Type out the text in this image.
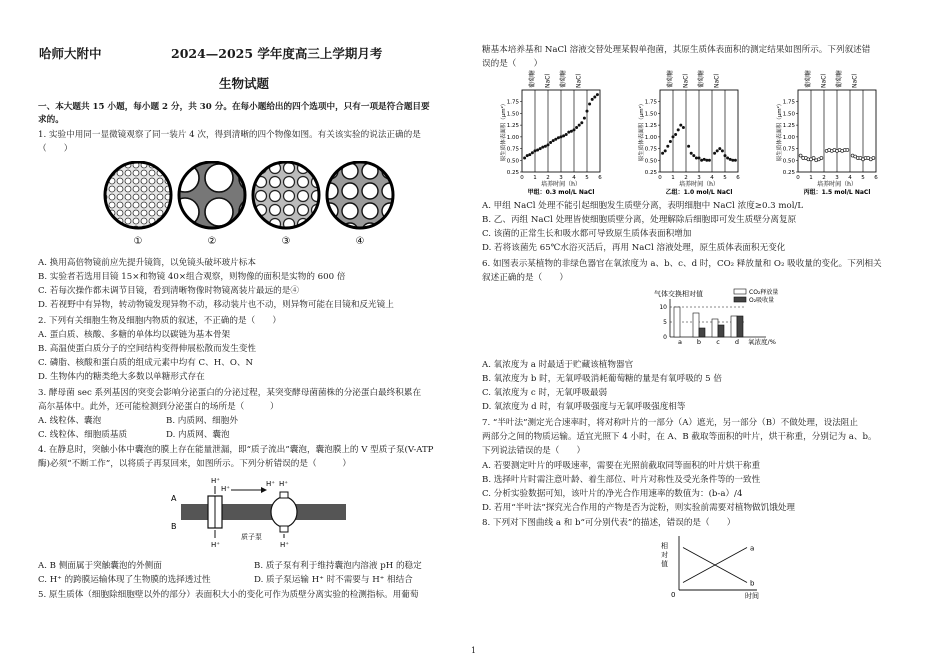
哈师大附中	2024—2025 学年度高三上学期月考
生物试题
一、本大题共 15 小题，每小题 2 分，共 30 分。在每小题给出的四个选项中，只有一项是符合题目要
求的。
1. 实验中用同一显微镜观察了同一装片 4 次，得到清晰的四个物像如图。有关该实验的说法正确的是
（　　）
①	②	③	④
A. 换用高倍物镜前应先提升镜筒，以免镜头破坏玻片标本
B. 实验者若选用目镜 15×和物镜 40×组合观察，则物像的面积是实物的 600 倍
C. 若每次操作都未调节目镜，看到清晰物像时物镜离装片最远的是④
D. 若视野中有异物，转动物镜发现异物不动，移动装片也不动，则异物可能在目镜和反光镜上
2. 下列有关细胞生物及细胞内物质的叙述，不正确的是（　　）
A. 蛋白质、核酸、多糖的单体均以碳链为基本骨架
B. 高温使蛋白质分子的空间结构变得伸展松散而发生变性
C. 磷脂、核酸和蛋白质的组成元素中均有 C、H、O、N
D. 生物体内的糖类绝大多数以单糖形式存在
3. 酵母菌 sec 系列基因的突变会影响分泌蛋白的分泌过程，某突变酵母菌菌株的分泌蛋白最终积累在
高尔基体中。此外，还可能检测到分泌蛋白的场所是（　　　）
A. 线粒体、囊泡	B. 内质网、细胞外
C. 线粒体、细胞质基质	D. 内质网、囊泡
4. 在静息时，突触小体中囊泡的膜上存在能量泄漏，即“质子流出”囊泡，囊泡膜上的 V 型质子泵(V-ATP
酶)必须“不断工作”，以将质子再泵回来，如图所示。下列分析错误的是（　　　）
H⁺
H⁺
H⁺ H⁺
H⁺	H⁺
A
B
质子泵
A. B 侧面属于突触囊泡的外侧面	B. 质子泵有利于维持囊泡内溶液 pH 的稳定
C. H⁺ 的跨膜运输体现了生物膜的选择透过性	D. 质子泵运输 H⁺ 时不需要与 H⁺ 相结合
5. 原生质体（细胞除细胞壁以外的部分）表面积大小的变化可作为质壁分离实验的检测指标。用葡萄
糖基本培养基和 NaCl 溶液交替处理某假单孢菌，其原生质体表面积的测定结果如图所示。下列叙述错
误的是（　　）
葡萄糖 NaCl 葡萄糖 NaCl
0.25
0.50
0.75
1.00
1.25
1.50
1.75
0 1 2 3 4 5 6
原生质体表面积（μm²）
培养时间（h）
甲组：0.3 mol/L NaCl
葡萄糖 NaCl 葡萄糖 NaCl
0.25
0.50
0.75
1.00
1.25
1.50
1.75
0 1 2 3 4 5 6
原生质体表面积（μm²）
培养时间（h）
乙组：1.0 mol/L NaCl
葡萄糖 NaCl 葡萄糖 NaCl
0.25
0.50
0.75
1.00
1.25
1.50
1.75
0 1 2 3 4 5 6
原生质体表面积（μm²）
培养时间（h）
丙组：1.5 mol/L NaCl
A. 甲组 NaCl 处理不能引起细胞发生质壁分离，表明细胞中 NaCl 浓度≥0.3 mol/L
B. 乙、丙组 NaCl 处理皆使细胞质壁分离，处理解除后细胞即可发生质壁分离复原
C. 该菌的正常生长和吸水都可导致原生质体表面积增加
D. 若将该菌先 65℃水浴灭活后，再用 NaCl 溶液处理，原生质体表面积无变化
6. 如图表示某植物的非绿色器官在氧浓度为 a、b、c、d 时，CO₂ 释放量和 O₂ 吸收量的变化。下列相关
叙述正确的是（　　）
气体交换相对值	CO₂释放量
O₂吸收量
0
5
10
a b c d 氧浓度/%
A. 氧浓度为 a 时最适于贮藏该植物器官
B. 氧浓度为 b 时，无氧呼吸消耗葡萄糖的量是有氧呼吸的 5 倍
C. 氧浓度为 c 时，无氧呼吸最弱
D. 氧浓度为 d 时，有氧呼吸强度与无氧呼吸强度相等
7. “半叶法”测定光合速率时，将对称叶片的一部分（A）遮光，另一部分（B）不做处理，设法阻止
两部分之间的物质运输。适宜光照下 4 小时，在 A、B 截取等面积的叶片，烘干称重，分别记为 a、b。
下列说法错误的是（　　）
A. 若要测定叶片的呼吸速率，需要在光照前截取同等面积的叶片烘干称重
B. 选择叶片时需注意叶龄、着生部位、叶片对称性及受光条件等的一致性
C. 分析实验数据可知，该叶片的净光合作用速率的数值为：(b-a）/4
D. 若用“半叶法”探究光合作用的产物是否为淀粉，则实验前需要对植物做饥饿处理
8. 下列对下图曲线 a 和 b“可分别代表”的描述，错误的是（　　）
相
对
值
0	时间
a
b
1
